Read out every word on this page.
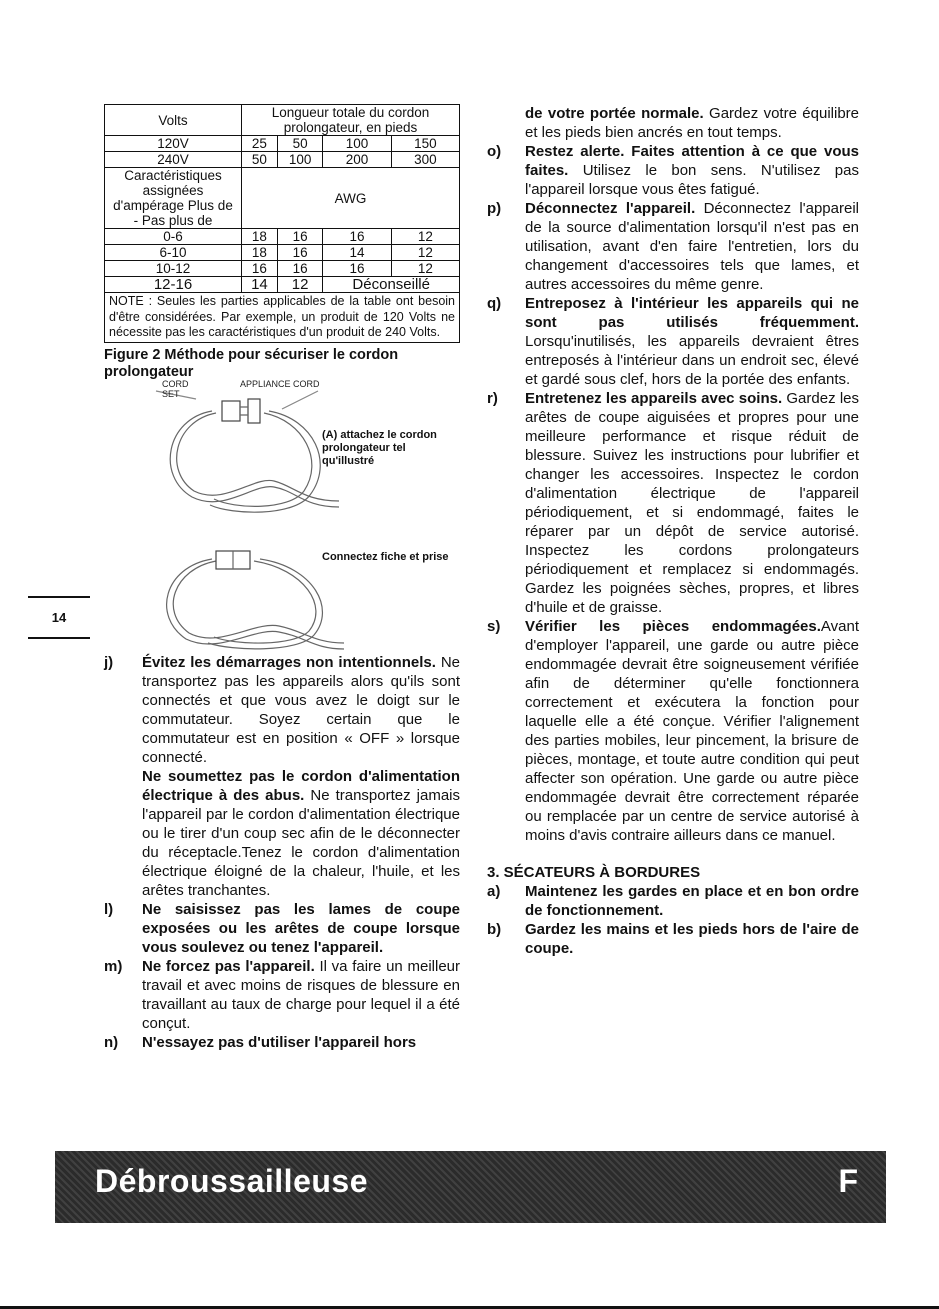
14
Volts	Longueur totale du cordon prolongateur, en pieds			
120V	25	50	100	150
240V	50	100	200	300
Caractéristiques assignées d'ampérage Plus de - Pas plus de	AWG			
0-6	18	16	16	12
6-10	18	16	14	12
10-12	16	16	16	12
12-16	14	12	Déconseillé	
NOTE : Seules les parties applicables de la table ont besoin d'être considérées. Par exemple, un produit de 120 Volts ne nécessite pas les caractéristiques d'un produit de 240 Volts.				
Figure 2 Méthode pour sécuriser le cordon prolongateur
CORD SET
APPLIANCE CORD
(A) attachez le cordon prolongateur tel qu'illustré
Connectez fiche et prise

j) Évitez les démarrages non intentionnels. Ne transportez pas les appareils alors qu'ils sont connectés et que vous avez le doigt sur le commutateur. Soyez certain que le commutateur est en position « OFF » lorsque connecté.

Ne soumettez pas le cordon d'alimentation électrique à des abus. Ne transportez jamais l'appareil par le cordon d'alimentation électrique ou le tirer d'un coup sec afin de le déconnecter du réceptacle.Tenez le cordon d'alimentation électrique éloigné de la chaleur, l'huile, et les arêtes tranchantes.

l) Ne saisissez pas les lames de coupe exposées ou les arêtes de coupe lorsque vous soulevez ou tenez l'appareil.

m) Ne forcez pas l'appareil. Il va faire un meilleur travail et avec moins de risques de blessure en travaillant au taux de charge pour lequel il a été conçut.

n) N'essayez pas d'utiliser l'appareil hors

de votre portée normale. Gardez votre équilibre et les pieds bien ancrés en tout temps.

o) Restez alerte. Faites attention à ce que vous faites. Utilisez le bon sens. N'utilisez pas l'appareil lorsque vous êtes fatigué.

p) Déconnectez l'appareil. Déconnectez l'appareil de la source d'alimentation lorsqu'il n'est pas en utilisation, avant d'en faire l'entretien, lors du changement d'accessoires tels que lames, et autres accessoires du même genre.

q) Entreposez à l'intérieur les appareils qui ne sont pas utilisés fréquemment. Lorsqu'inutilisés, les appareils devraient êtres entreposés à l'intérieur dans un endroit sec, élevé et gardé sous clef, hors de la portée des enfants.

r) Entretenez les appareils avec soins. Gardez les arêtes de coupe aiguisées et propres pour une meilleure performance et risque réduit de blessure. Suivez les instructions pour lubrifier et changer les accessoires. Inspectez le cordon d'alimentation électrique de l'appareil périodiquement, et si endommagé, faites le réparer par un dépôt de service autorisé. Inspectez les cordons prolongateurs périodiquement et remplacez si endommagés. Gardez les poignées sèches, propres, et libres d'huile et de graisse.

s) Vérifier les pièces endommagées.Avant d'employer l'appareil, une garde ou autre pièce endommagée devrait être soigneusement vérifiée afin de déterminer qu'elle fonctionnera correctement et exécutera la fonction pour laquelle elle a été conçue. Vérifier l'alignement des parties mobiles, leur pincement, la brisure de pièces, montage, et toute autre condition qui peut affecter son opération. Une garde ou autre pièce endommagée devrait être correctement réparée ou remplacée par un centre de service autorisé à moins d'avis contraire ailleurs dans ce manuel.

3. SÉCATEURS À BORDURES

a) Maintenez les gardes en place et en bon ordre de fonctionnement.

b) Gardez les mains et les pieds hors de l'aire de coupe.

Débroussailleuse	F
